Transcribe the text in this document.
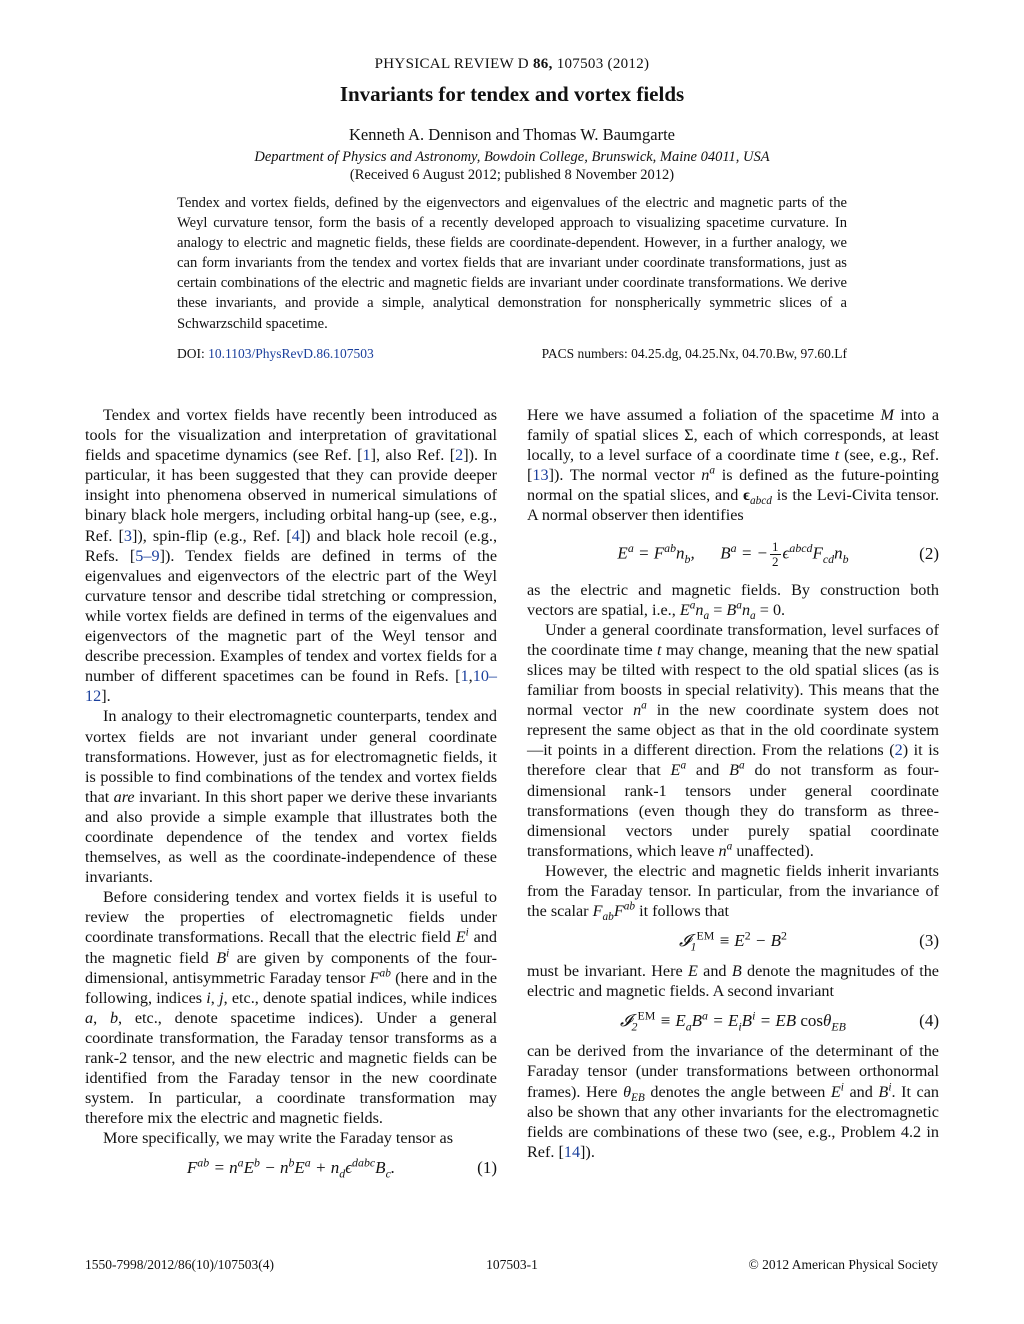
PHYSICAL REVIEW D 86, 107503 (2012)
Invariants for tendex and vortex fields
Kenneth A. Dennison and Thomas W. Baumgarte
Department of Physics and Astronomy, Bowdoin College, Brunswick, Maine 04011, USA
(Received 6 August 2012; published 8 November 2012)
Tendex and vortex fields, defined by the eigenvectors and eigenvalues of the electric and magnetic parts of the Weyl curvature tensor, form the basis of a recently developed approach to visualizing spacetime curvature. In analogy to electric and magnetic fields, these fields are coordinate-dependent. However, in a further analogy, we can form invariants from the tendex and vortex fields that are invariant under coordinate transformations, just as certain combinations of the electric and magnetic fields are invariant under coordinate transformations. We derive these invariants, and provide a simple, analytical demonstration for nonspherically symmetric slices of a Schwarzschild spacetime.
DOI: 10.1103/PhysRevD.86.107503	PACS numbers: 04.25.dg, 04.25.Nx, 04.70.Bw, 97.60.Lf

Tendex and vortex fields have recently been introduced as tools for the visualization and interpretation of gravitational fields and spacetime dynamics (see Ref. [1], also Ref. [2]). In particular, it has been suggested that they can provide deeper insight into phenomena observed in numerical simulations of binary black hole mergers, including orbital hang-up (see, e.g., Ref. [3]), spin-flip (e.g., Ref. [4]) and black hole recoil (e.g., Refs. [5–9]). Tendex fields are defined in terms of the eigenvalues and eigenvectors of the electric part of the Weyl curvature tensor and describe tidal stretching or compression, while vortex fields are defined in terms of the eigenvalues and eigenvectors of the magnetic part of the Weyl tensor and describe precession. Examples of tendex and vortex fields for a number of different spacetimes can be found in Refs. [1,10–12].

In analogy to their electromagnetic counterparts, tendex and vortex fields are not invariant under general coordinate transformations. However, just as for electromagnetic fields, it is possible to find combinations of the tendex and vortex fields that are invariant. In this short paper we derive these invariants and also provide a simple example that illustrates both the coordinate dependence of the tendex and vortex fields themselves, as well as the coordinate-independence of these invariants.

Before considering tendex and vortex fields it is useful to review the properties of electromagnetic fields under coordinate transformations. Recall that the electric field $E^i$ and the magnetic field $B^i$ are given by components of the four-dimensional, antisymmetric Faraday tensor $F^{ab}$ (here and in the following, indices i, j, etc., denote spatial indices, while indices a, b, etc., denote spacetime indices). Under a general coordinate transformation, the Faraday tensor transforms as a rank-2 tensor, and the new electric and magnetic fields can be identified from the Faraday tensor in the new coordinate system. In particular, a coordinate transformation may therefore mix the electric and magnetic fields.

More specifically, we may write the Faraday tensor as

$F^{ab} = n^aE^b - n^bE^a + n_d\epsilon^{dabc}B_c$.	(1)

Here we have assumed a foliation of the spacetime M into a family of spatial slices Σ, each of which corresponds, at least locally, to a level surface of a coordinate time t (see, e.g., Ref. [13]). The normal vector $n^a$ is defined as the future-pointing normal on the spatial slices, and $\epsilon_{abcd}$ is the Levi-Civita tensor. A normal observer then identifies

$E^a = F^{ab}n_b$,      $B^a$ = − $\frac{1}{2} \epsilon^{abcd}F_{cd}n_b$	(2)

as the electric and magnetic fields. By construction both vectors are spatial, i.e., $E^an_a = B^an_a = 0$.

Under a general coordinate transformation, level surfaces of the coordinate time t may change, meaning that the new spatial slices may be tilted with respect to the old spatial slices (as is familiar from boosts in special relativity). This means that the normal vector $n^a$ in the new coordinate system does not represent the same object as that in the old coordinate system—it points in a different direction. From the relations (2) it is therefore clear that $E^a$ and $B^a$ do not transform as four-dimensional rank-1 tensors under general coordinate transformations (even though they do transform as three-dimensional vectors under purely spatial coordinate transformations, which leave $n^a$ unaffected).

However, the electric and magnetic fields inherit invariants from the Faraday tensor. In particular, from the invariance of the scalar $F_{ab}F^{ab}$ it follows that

𝓘$_1^{EM}$ ≡ $E^2 - B^2$	(3)

must be invariant. Here E and B denote the magnitudes of the electric and magnetic fields. A second invariant

𝓘$_2^{EM}$ ≡ $E_aB^a = E_iB^i$ = EB cosθ$_{EB}$	(4)

can be derived from the invariance of the determinant of the Faraday tensor (under transformations between orthonormal frames). Here $\theta_{EB}$ denotes the angle between $E^i$ and $B^i$. It can also be shown that any other invariants for the electromagnetic fields are combinations of these two (see, e.g., Problem 4.2 in Ref. [14]).

1550-7998/2012/86(10)/107503(4)	107503-1	© 2012 American Physical Society
